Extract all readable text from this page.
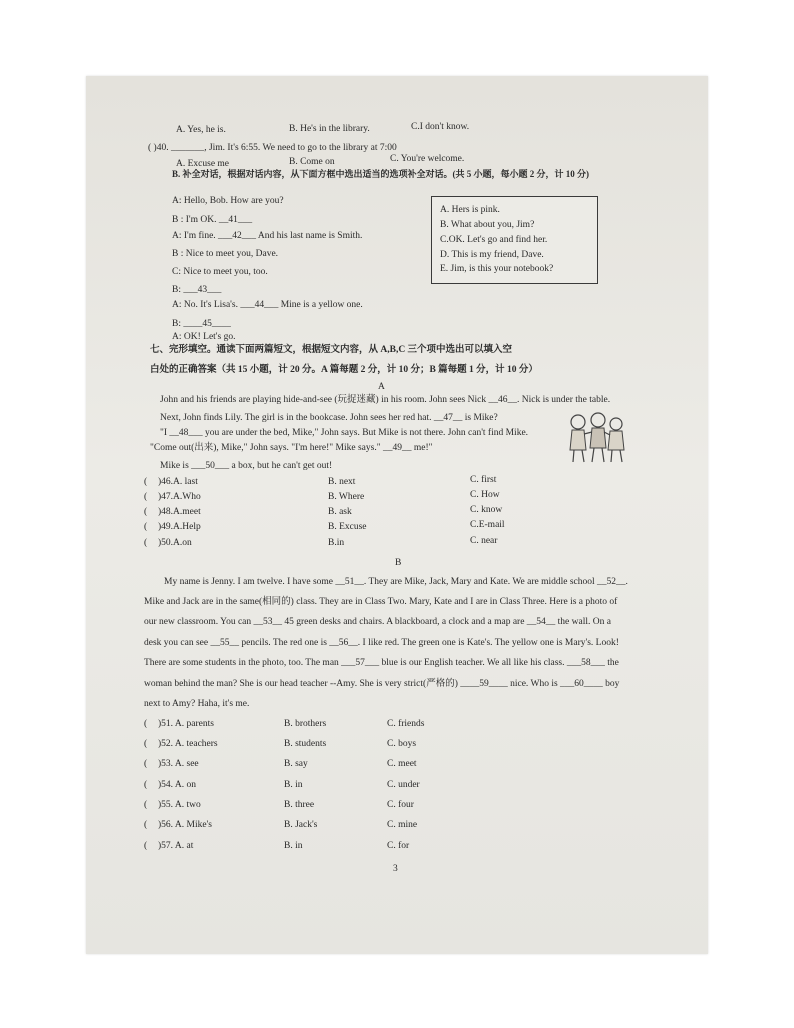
A. Yes, he is.	B. He's in the library.	C.I don't know.
( )40. _______, Jim. It's 6:55. We need to go to the library at 7:00
A. Excuse me	B. Come on	C. You're welcome.
B. 补全对话，根据对话内容，从下面方框中选出适当的选项补全对话。(共 5 小题，每小题 2 分，计 10 分)
A: Hello, Bob. How are you?
B : I'm OK. __41___
A: I'm fine. ___42___ And his last name is Smith.
B : Nice to meet you, Dave.
C: Nice to meet you, too.
B: ___43___
A: No. It's Lisa's. ___44___ Mine is a yellow one.
B: ____45____
A: OK! Let's go.
A. Hers is pink.
B. What about you, Jim?
C.OK. Let's go and find her.
D. This is my friend, Dave.
E. Jim, is this your notebook?
七、完形填空。通读下面两篇短文，根据短文内容，从 A,B,C 三个项中选出可以填入空
白处的正确答案（共 15 小题，计 20 分。A 篇每题 2 分，计 10 分；B 篇每题 1 分，计 10 分）
A
John and his friends are playing hide-and-see (玩捉迷藏) in his room. John sees Nick __46__. Nick is under the table.
Next, John finds Lily. The girl is in the bookcase. John sees her red hat. __47__ is Mike?
"I __48___ you are under the bed, Mike," John says. But Mike is not there. John can't find Mike.
"Come out(出来), Mike," John says. "I'm here!" Mike says." __49__ me!"
Mike is ___50___ a box, but he can't get out!
( )46.A. last	B. next	C. first
( )47.A.Who	B. Where	C. How
( )48.A.meet	B. ask	C. know
( )49.A.Help	B. Excuse	C.E-mail
( )50.A.on	B.in	C. near
B
My name is Jenny. I am twelve. I have some __51__. They are Mike, Jack, Mary and Kate. We are middle school __52__.
Mike and Jack are in the same(相同的) class. They are in Class Two. Mary, Kate and I are in Class Three. Here is a photo of
our new classroom. You can __53__ 45 green desks and chairs. A blackboard, a clock and a map are __54__ the wall. On a
desk you can see __55__ pencils. The red one is __56__. I like red. The green one is Kate's. The yellow one is Mary's. Look!
There are some students in the photo, too. The man ___57___ blue is our English teacher. We all like his class. ___58___ the
woman behind the man? She is our head teacher --Amy. She is very strict(严格的) ____59____ nice. Who is ___60____ boy
next to Amy? Haha, it's me.
( )51. A. parents	B. brothers	C. friends
( )52. A. teachers	B. students	C. boys
( )53. A. see	B. say	C. meet
( )54. A. on	B. in	C. under
( )55. A. two	B. three	C. four
( )56. A. Mike's	B. Jack's	C. mine
( )57. A. at	B. in	C. for
3
